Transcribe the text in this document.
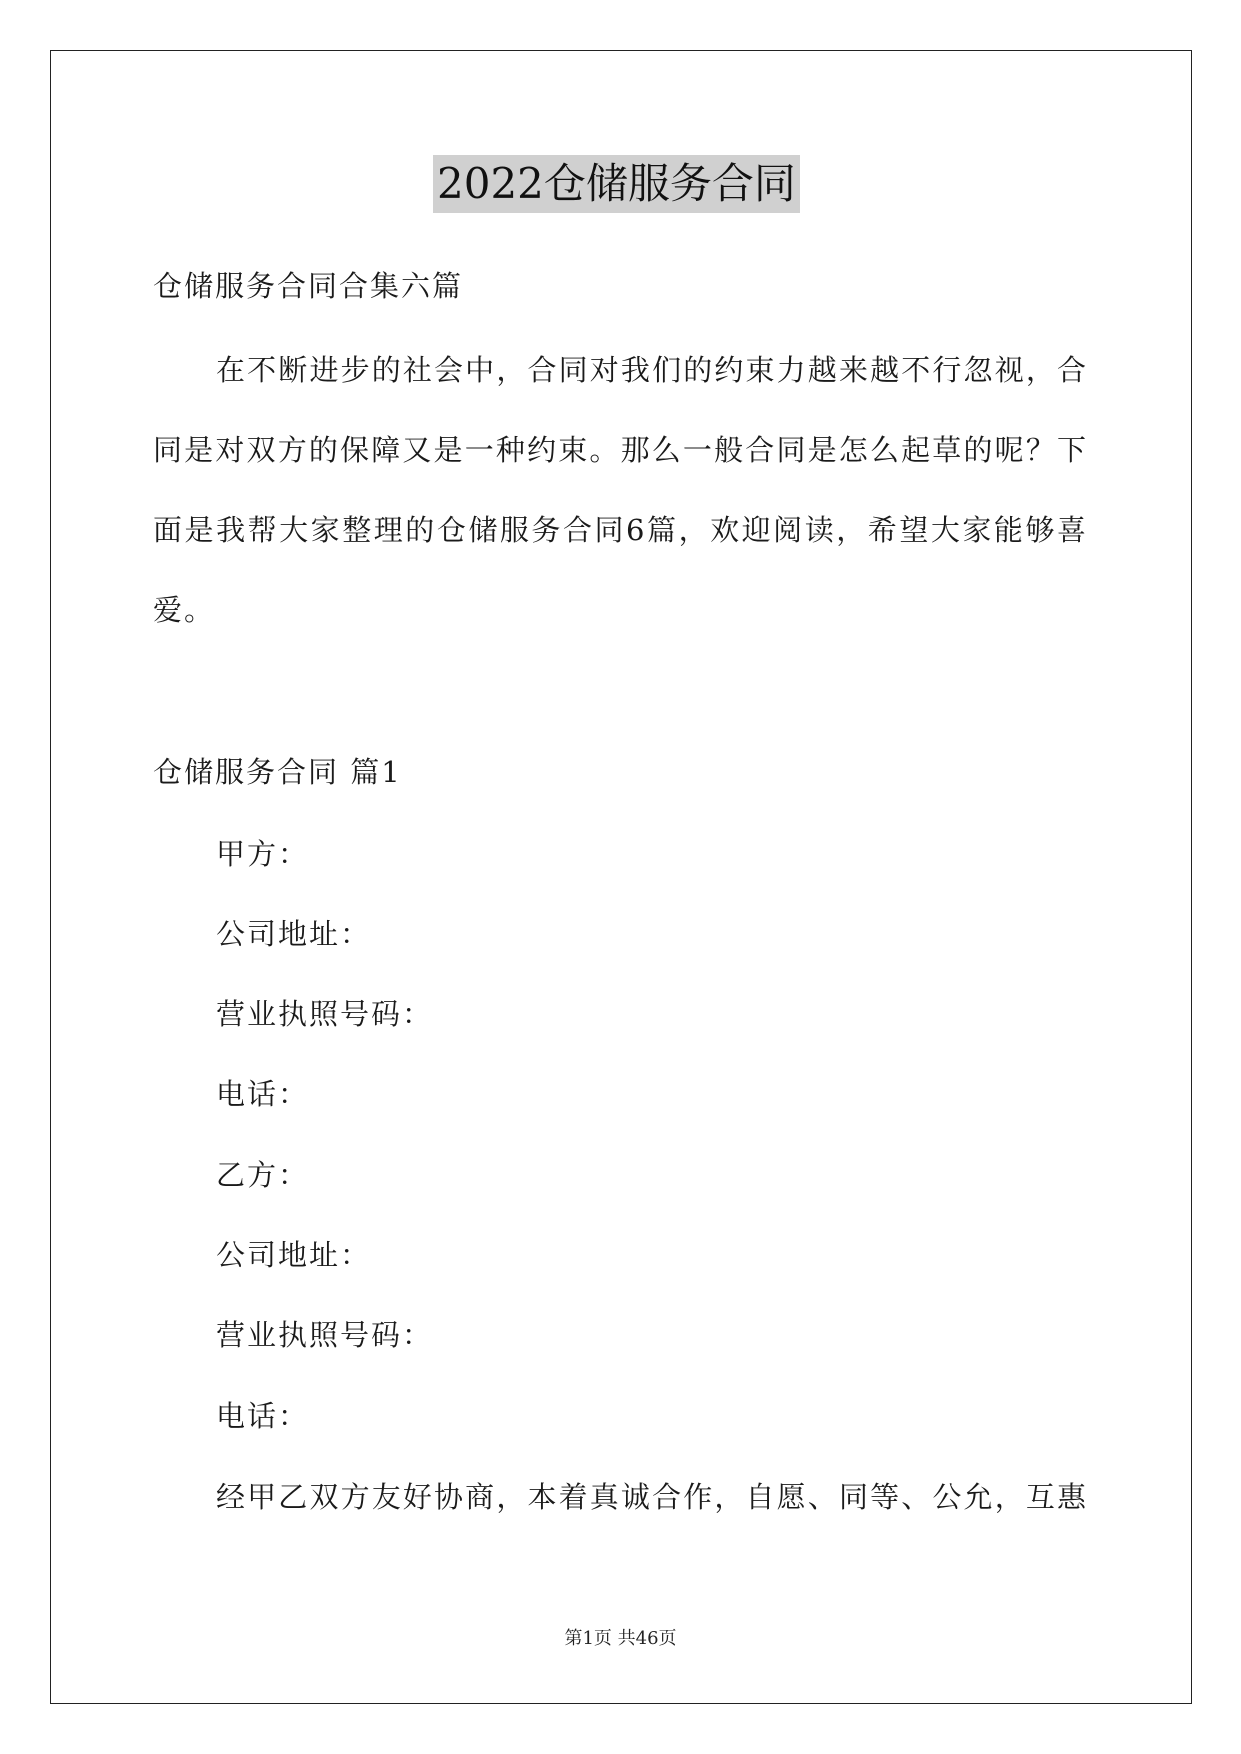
2022仓储服务合同
仓储服务合同合集六篇
在不断进步的社会中，合同对我们的约束力越来越不行忽视，合
同是对双方的保障又是一种约束。那么一般合同是怎么起草的呢？下
面是我帮大家整理的仓储服务合同6篇，欢迎阅读，希望大家能够喜
爱。
仓储服务合同 篇1
甲方：
公司地址：
营业执照号码：
电话：
乙方：
公司地址：
营业执照号码：
电话：
经甲乙双方友好协商，本着真诚合作，自愿、同等、公允，互惠
第1页 共46页
